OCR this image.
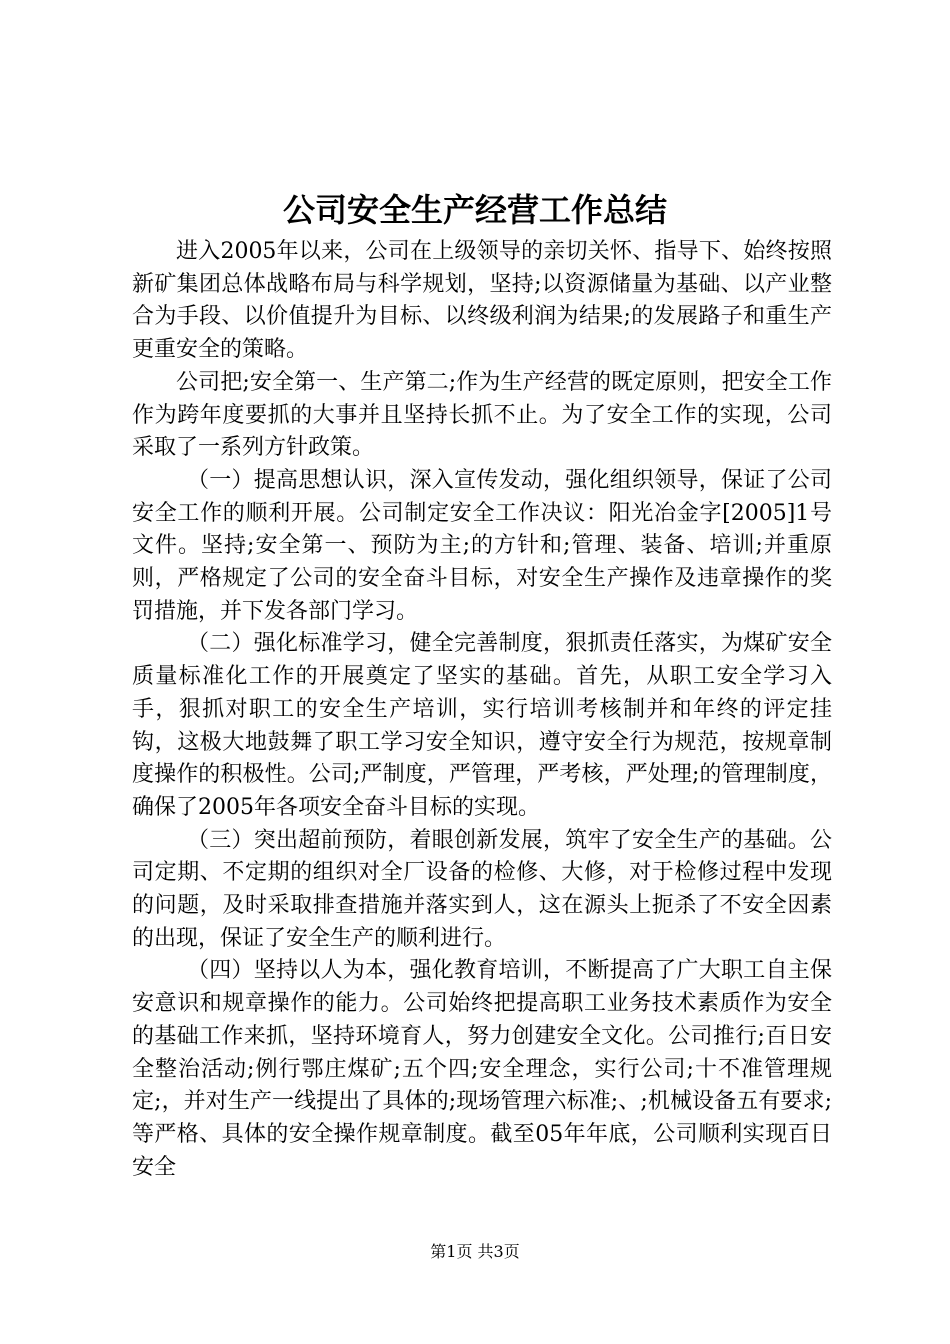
公司安全生产经营工作总结

进入2005年以来，公司在上级领导的亲切关怀、指导下、始终按照新矿集团总体战略布局与科学规划，坚持;以资源储量为基础、以产业整合为手段、以价值提升为目标、以终级利润为结果;的发展路子和重生产更重安全的策略。

公司把;安全第一、生产第二;作为生产经营的既定原则，把安全工作作为跨年度要抓的大事并且坚持长抓不止。为了安全工作的实现，公司采取了一系列方针政策。

（一）提高思想认识，深入宣传发动，强化组织领导，保证了公司安全工作的顺利开展。公司制定安全工作决议：阳光冶金字[2005]1号文件。坚持;安全第一、预防为主;的方针和;管理、装备、培训;并重原则，严格规定了公司的安全奋斗目标，对安全生产操作及违章操作的奖罚措施，并下发各部门学习。

（二）强化标准学习，健全完善制度，狠抓责任落实，为煤矿安全质量标准化工作的开展奠定了坚实的基础。首先，从职工安全学习入手，狠抓对职工的安全生产培训，实行培训考核制并和年终的评定挂钩，这极大地鼓舞了职工学习安全知识，遵守安全行为规范，按规章制度操作的积极性。公司;严制度，严管理，严考核，严处理;的管理制度，确保了2005年各项安全奋斗目标的实现。

（三）突出超前预防，着眼创新发展，筑牢了安全生产的基础。公司定期、不定期的组织对全厂设备的检修、大修，对于检修过程中发现的问题，及时采取排查措施并落实到人，这在源头上扼杀了不安全因素的出现，保证了安全生产的顺利进行。

（四）坚持以人为本，强化教育培训，不断提高了广大职工自主保安意识和规章操作的能力。公司始终把提高职工业务技术素质作为安全的基础工作来抓，坚持环境育人，努力创建安全文化。公司推行;百日安全整治活动;例行鄂庄煤矿;五个四;安全理念，实行公司;十不准管理规定;，并对生产一线提出了具体的;现场管理六标准;、;机械设备五有要求;等严格、具体的安全操作规章制度。截至05年年底，公司顺利实现百日安全

第1页 共3页
